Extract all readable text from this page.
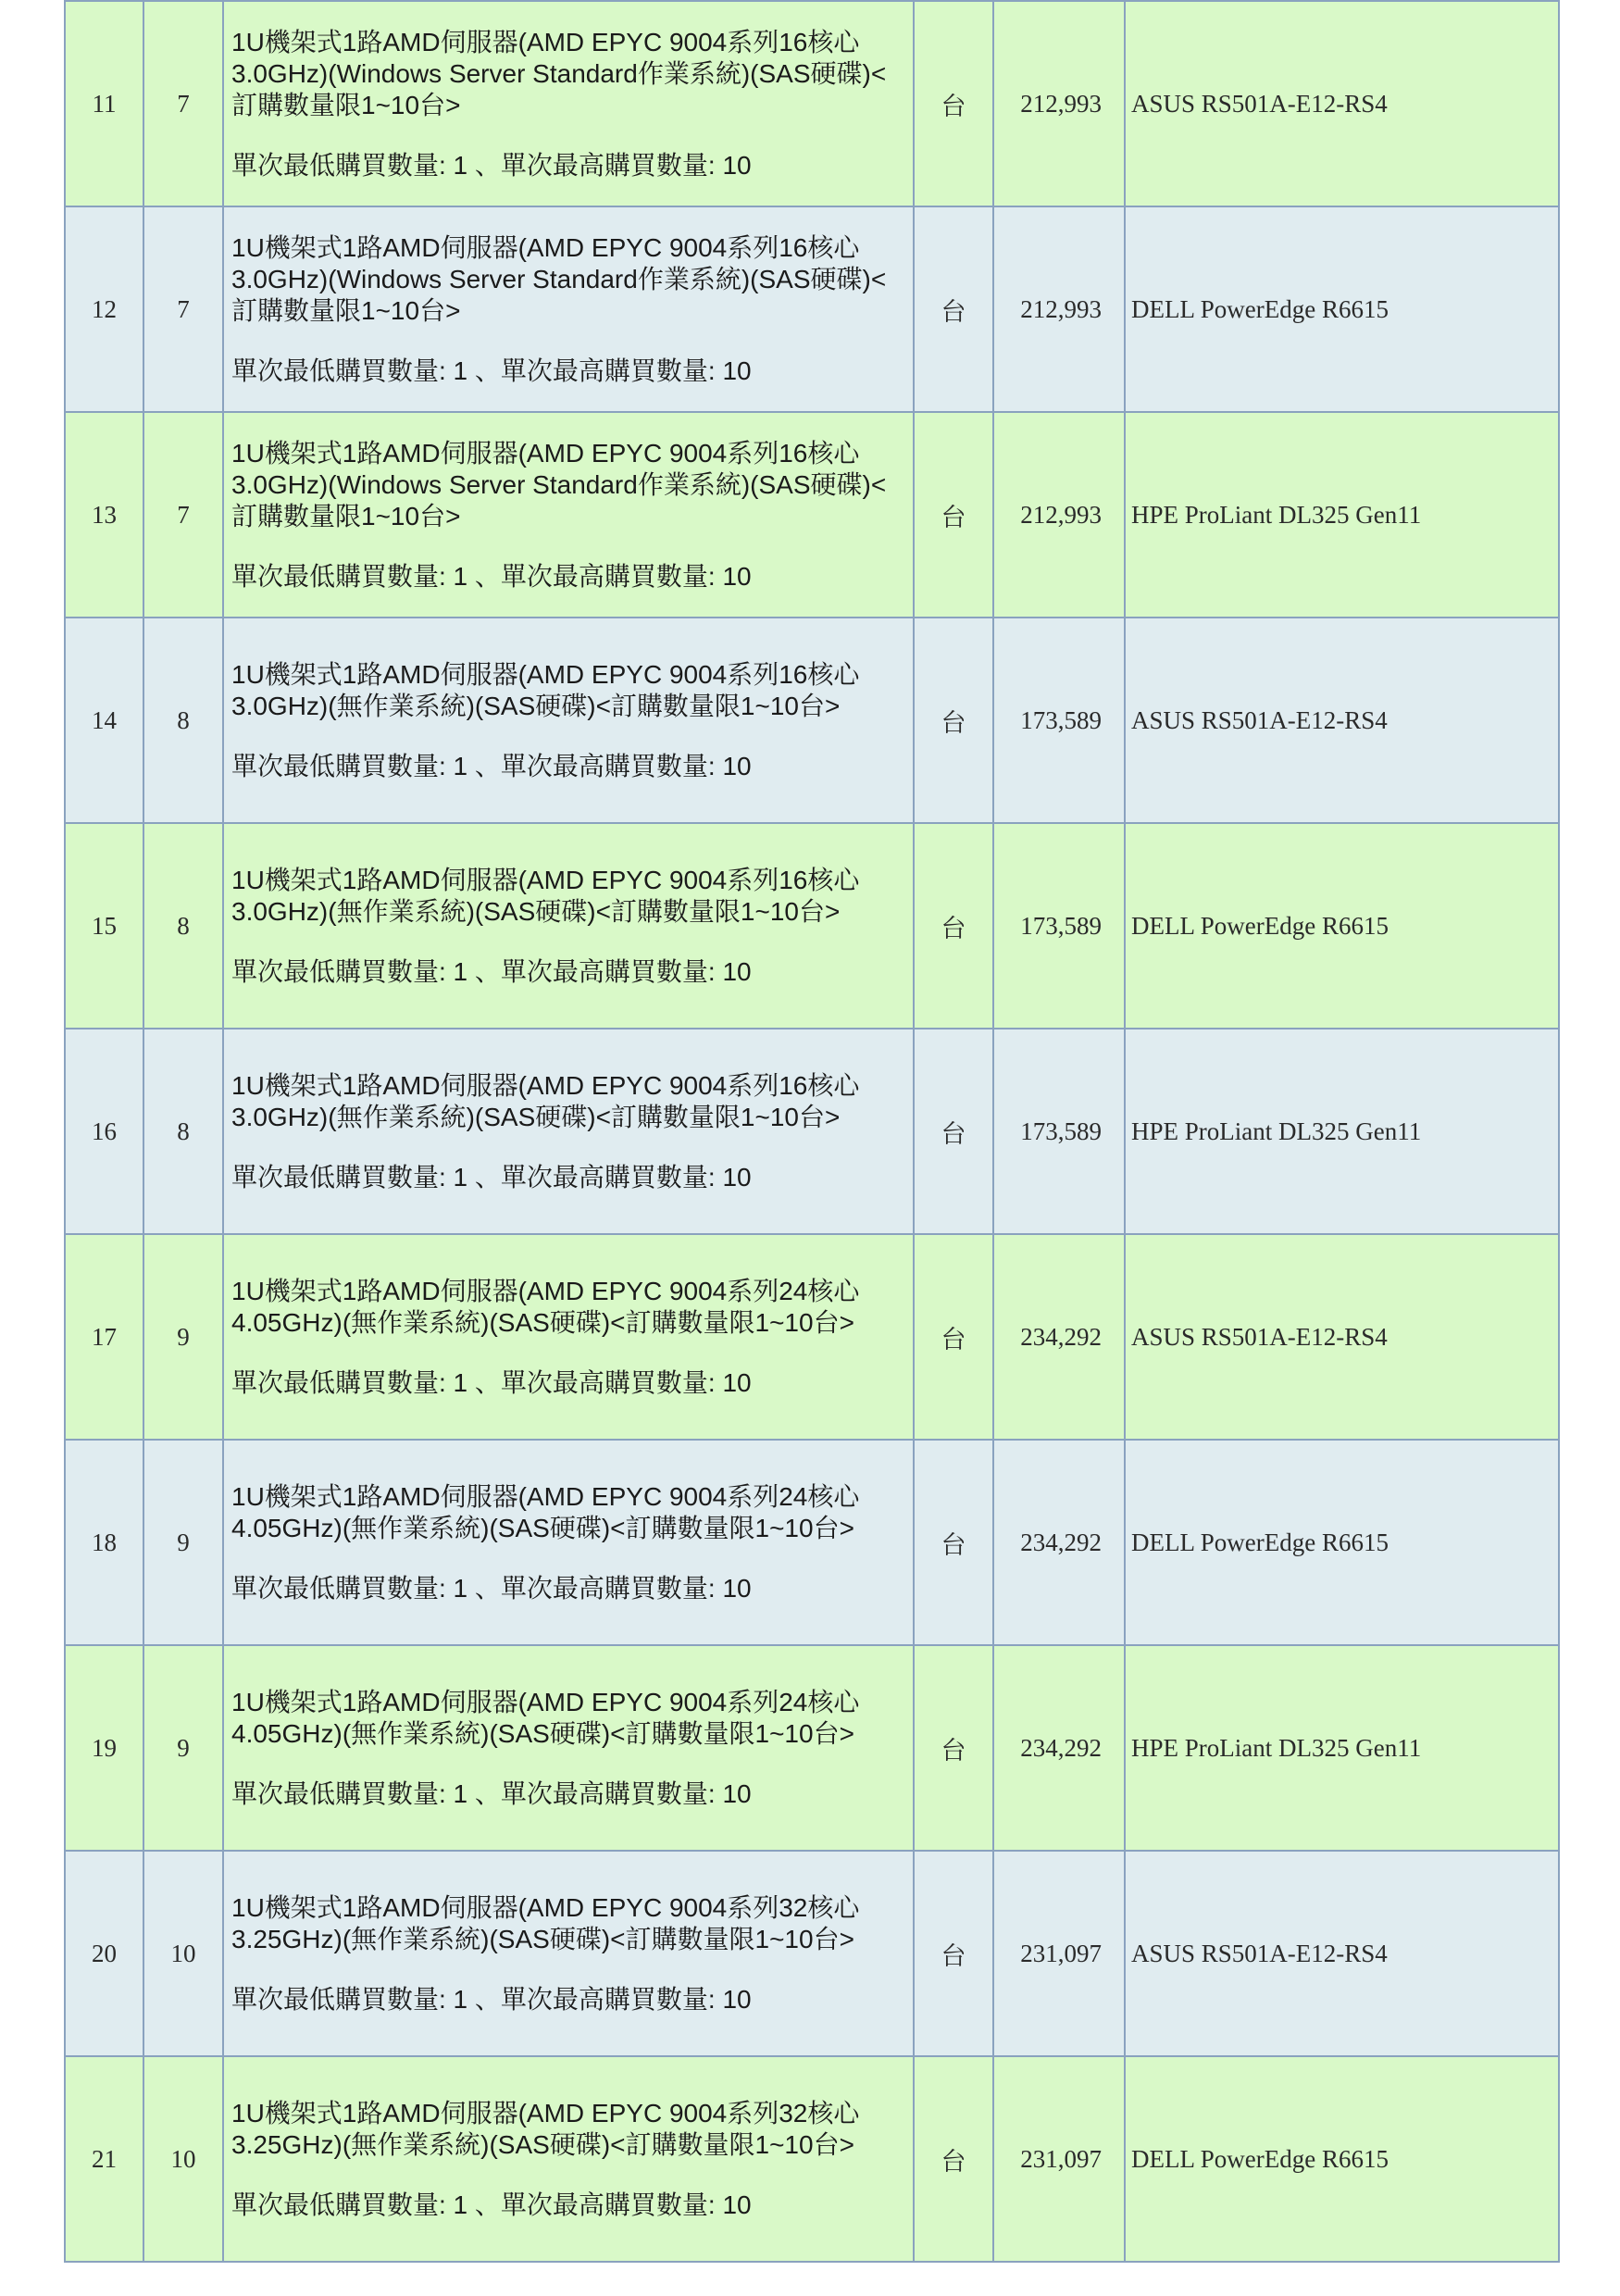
11	7	1U機架式1路AMD伺服器(AMD EPYC 9004系列16核心3.0GHz)(Windows Server Standard作業系統)(SAS硬碟)<訂購數量限1~10台>
單次最低購買數量: 1 、單次最高購買數量: 10	台	212,993	ASUS RS501A-E12-RS4
12	7	1U機架式1路AMD伺服器(AMD EPYC 9004系列16核心3.0GHz)(Windows Server Standard作業系統)(SAS硬碟)<訂購數量限1~10台>
單次最低購買數量: 1 、單次最高購買數量: 10	台	212,993	DELL PowerEdge R6615
13	7	1U機架式1路AMD伺服器(AMD EPYC 9004系列16核心3.0GHz)(Windows Server Standard作業系統)(SAS硬碟)<訂購數量限1~10台>
單次最低購買數量: 1 、單次最高購買數量: 10	台	212,993	HPE ProLiant DL325 Gen11
14	8	1U機架式1路AMD伺服器(AMD EPYC 9004系列16核心3.0GHz)(無作業系統)(SAS硬碟)<訂購數量限1~10台>
單次最低購買數量: 1 、單次最高購買數量: 10	台	173,589	ASUS RS501A-E12-RS4
15	8	1U機架式1路AMD伺服器(AMD EPYC 9004系列16核心3.0GHz)(無作業系統)(SAS硬碟)<訂購數量限1~10台>
單次最低購買數量: 1 、單次最高購買數量: 10	台	173,589	DELL PowerEdge R6615
16	8	1U機架式1路AMD伺服器(AMD EPYC 9004系列16核心3.0GHz)(無作業系統)(SAS硬碟)<訂購數量限1~10台>
單次最低購買數量: 1 、單次最高購買數量: 10	台	173,589	HPE ProLiant DL325 Gen11
17	9	1U機架式1路AMD伺服器(AMD EPYC 9004系列24核心4.05GHz)(無作業系統)(SAS硬碟)<訂購數量限1~10台>
單次最低購買數量: 1 、單次最高購買數量: 10	台	234,292	ASUS RS501A-E12-RS4
18	9	1U機架式1路AMD伺服器(AMD EPYC 9004系列24核心4.05GHz)(無作業系統)(SAS硬碟)<訂購數量限1~10台>
單次最低購買數量: 1 、單次最高購買數量: 10	台	234,292	DELL PowerEdge R6615
19	9	1U機架式1路AMD伺服器(AMD EPYC 9004系列24核心4.05GHz)(無作業系統)(SAS硬碟)<訂購數量限1~10台>
單次最低購買數量: 1 、單次最高購買數量: 10	台	234,292	HPE ProLiant DL325 Gen11
20	10	1U機架式1路AMD伺服器(AMD EPYC 9004系列32核心3.25GHz)(無作業系統)(SAS硬碟)<訂購數量限1~10台>
單次最低購買數量: 1 、單次最高購買數量: 10	台	231,097	ASUS RS501A-E12-RS4
21	10	1U機架式1路AMD伺服器(AMD EPYC 9004系列32核心3.25GHz)(無作業系統)(SAS硬碟)<訂購數量限1~10台>
單次最低購買數量: 1 、單次最高購買數量: 10	台	231,097	DELL PowerEdge R6615
